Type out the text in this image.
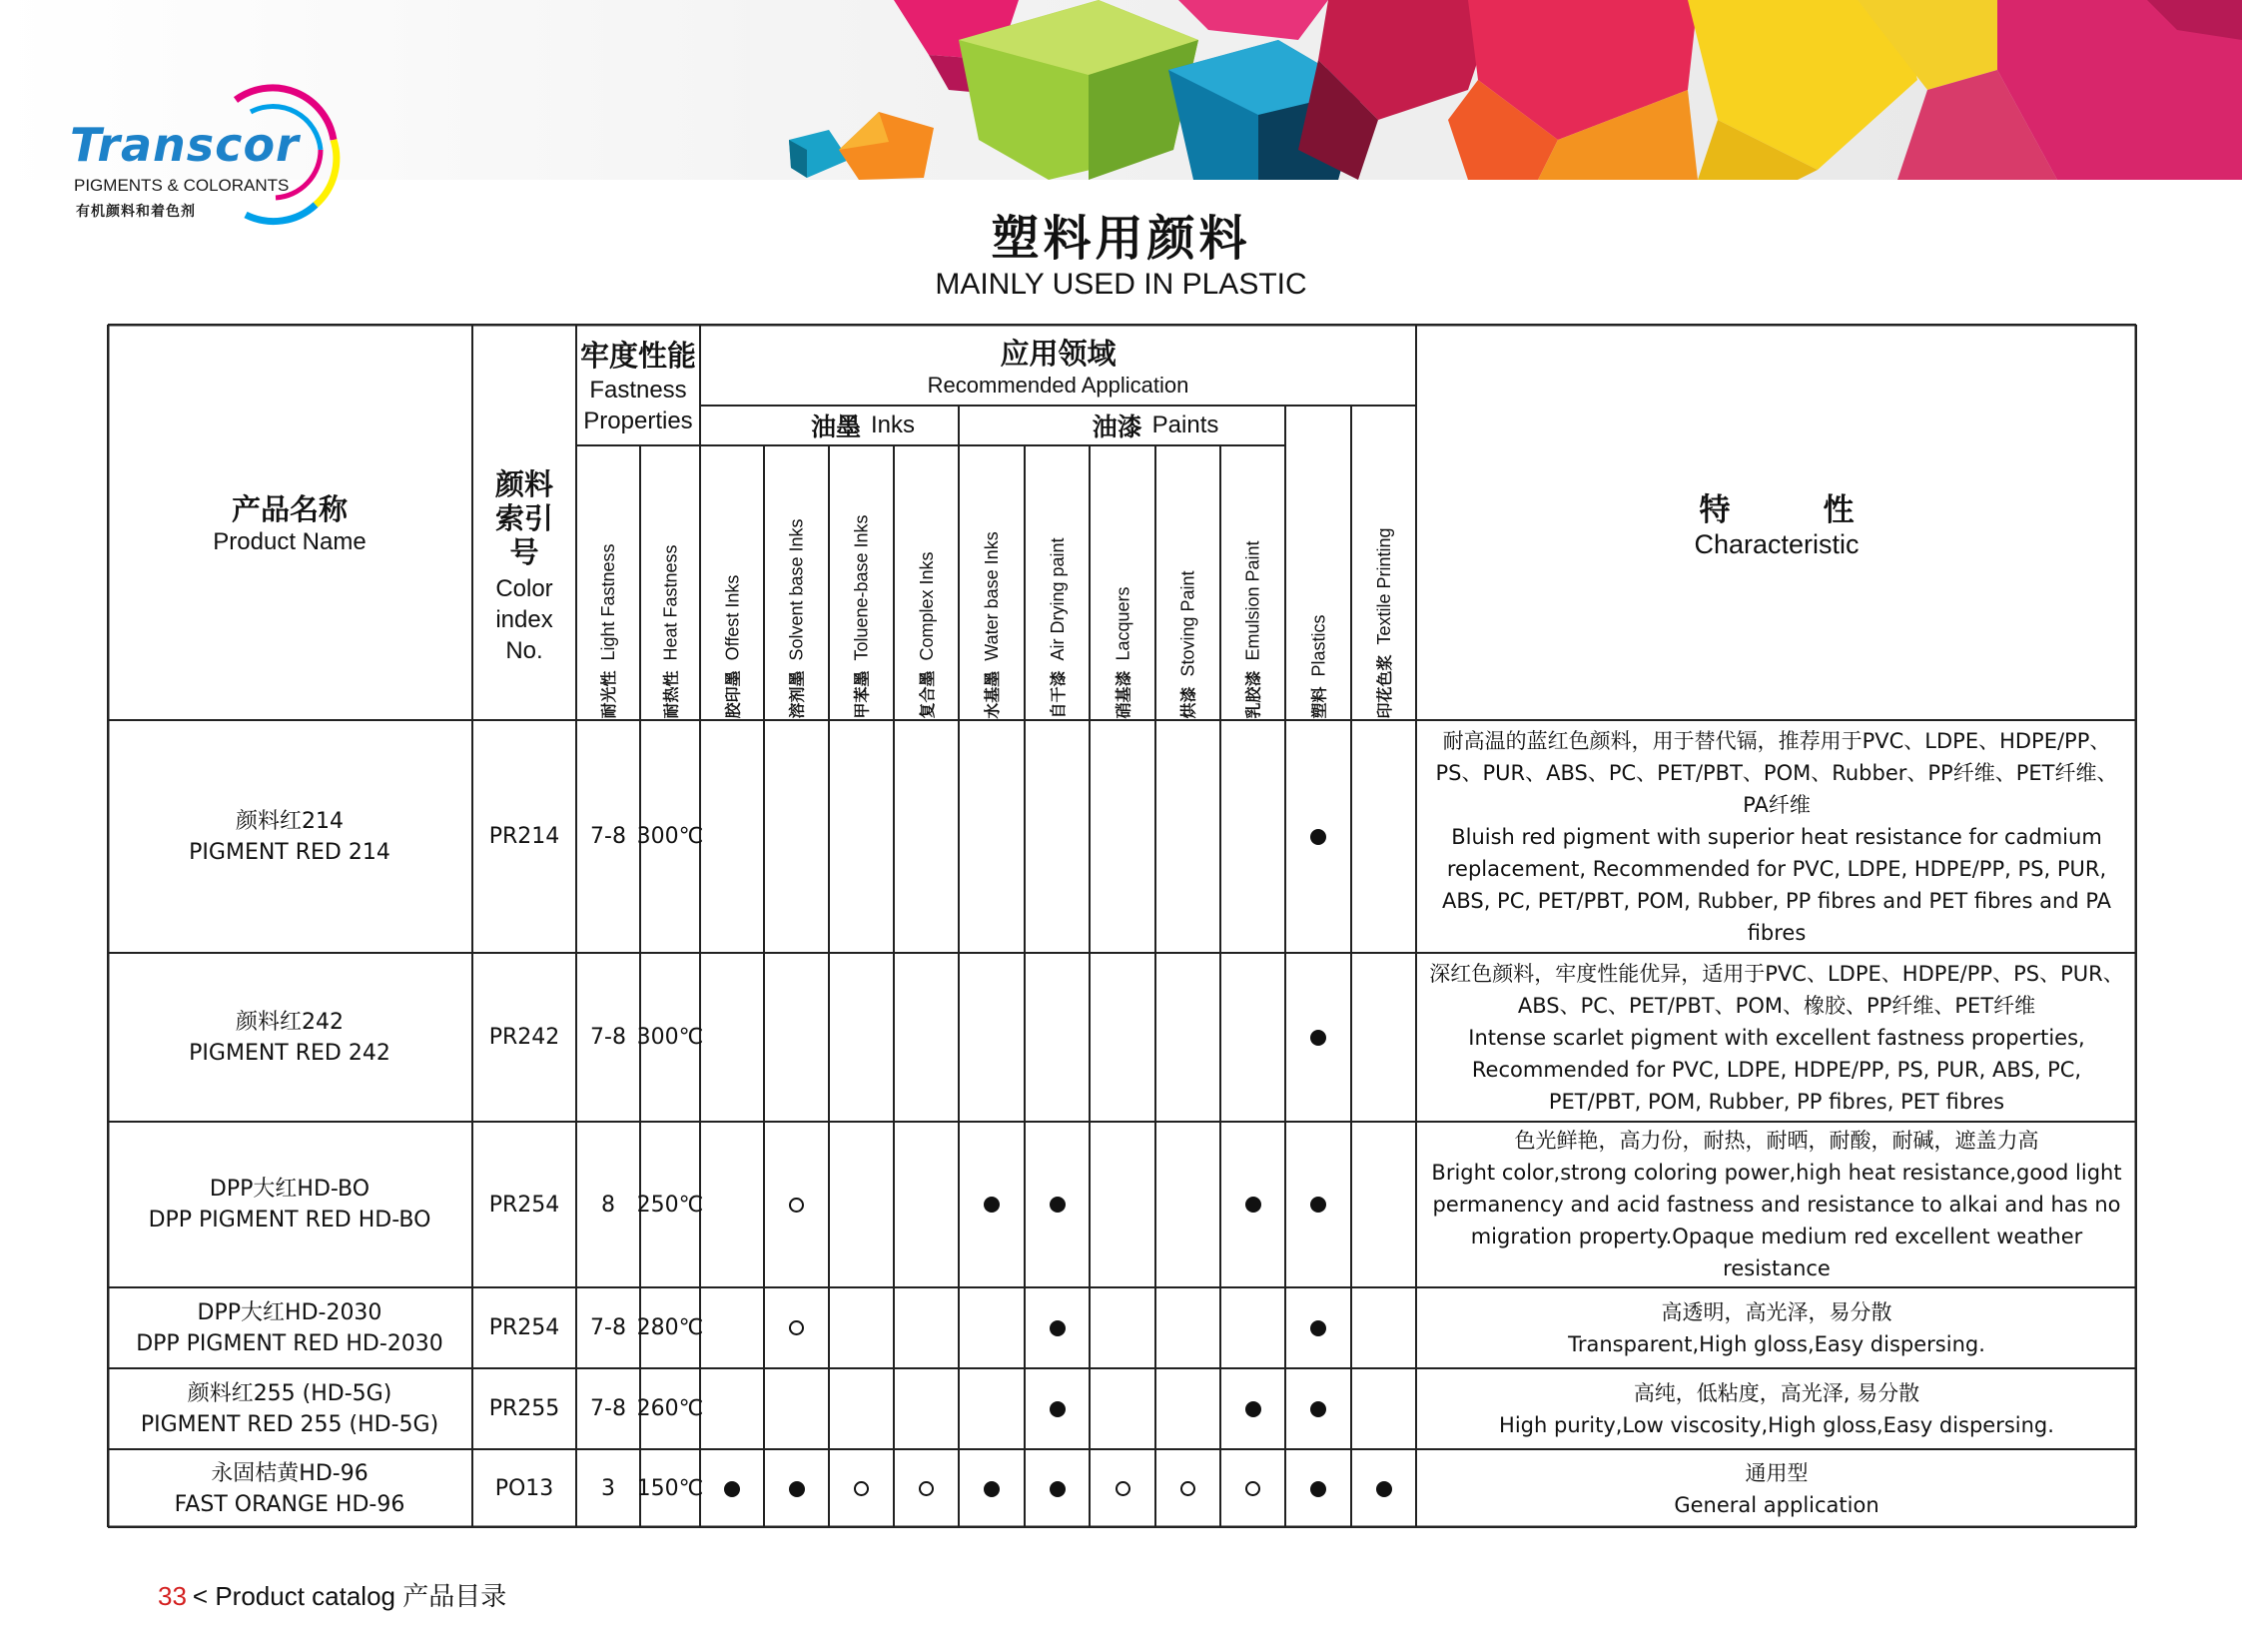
Transcor
PIGMENTS & COLORANTS
有机颜料和着色剂	塑料用颜料
MAINLY USED IN PLASTIC
产品名称
Product Name
颜料索引号
Color index No.
牢度性能
Fastness Properties
应用领域
Recommended Application
油墨 Inks	油漆 Paints
特　　　性
Characteristic
耐光性Light Fastness
耐热性Heat Fastness
胶印墨Offest Inks
溶剂墨Solvent base Inks
甲苯墨Toluene-base Inks
复合墨Complex Inks
水基墨Water base Inks
自干漆Air Drying paint
硝基漆Lacquers
烘漆Stoving Paint
乳胶漆Emulsion Paint
塑料Plastics
印花色浆Textile Printing
颜料红214
PIGMENT RED 214
PR214 7-8 300℃
耐高温的蓝红色颜料，用于替代镉，推荐用于PVC、LDPE、HDPE/PP、PS、PUR、ABS、PC、PET/PBT、POM、Rubber、PP纤维、PET纤维、PA纤维
Bluish red pigment with superior heat resistance for cadmium replacement, Recommended for PVC, LDPE, HDPE/PP, PS, PUR, ABS, PC, PET/PBT, POM, Rubber, PP fibres and PET fibres and PA fibres
颜料红242
PIGMENT RED 242
PR242 7-8 300℃
深红色颜料，牢度性能优异，适用于PVC、LDPE、HDPE/PP、PS、PUR、ABS、PC、PET/PBT、POM、橡胶、PP纤维、PET纤维
Intense scarlet pigment with excellent fastness properties, Recommended for PVC, LDPE, HDPE/PP, PS, PUR, ABS, PC, PET/PBT, POM, Rubber, PP fibres, PET fibres
DPP大红HD-BO
DPP PIGMENT RED HD-BO
PR254 8 250℃
色光鲜艳，高力份，耐热，耐晒，耐酸，耐碱，遮盖力高
Bright color,strong coloring power,high heat resistance,good light permanency and acid fastness and resistance to alkai and has no migration property.Opaque medium red excellent weather resistance
DPP大红HD-2030
DPP PIGMENT RED HD-2030
PR254 7-8 280℃
高透明，高光泽，易分散
Transparent,High gloss,Easy dispersing.
颜料红255 (HD-5G)
PIGMENT RED 255 (HD-5G)
PR255 7-8 260℃
高纯，低粘度，高光泽, 易分散
High purity,Low viscosity,High gloss,Easy dispersing.
永固桔黄HD-96
FAST ORANGE HD-96
PO13 3 150℃
通用型
General application
33 < Product catalog 产品目录
